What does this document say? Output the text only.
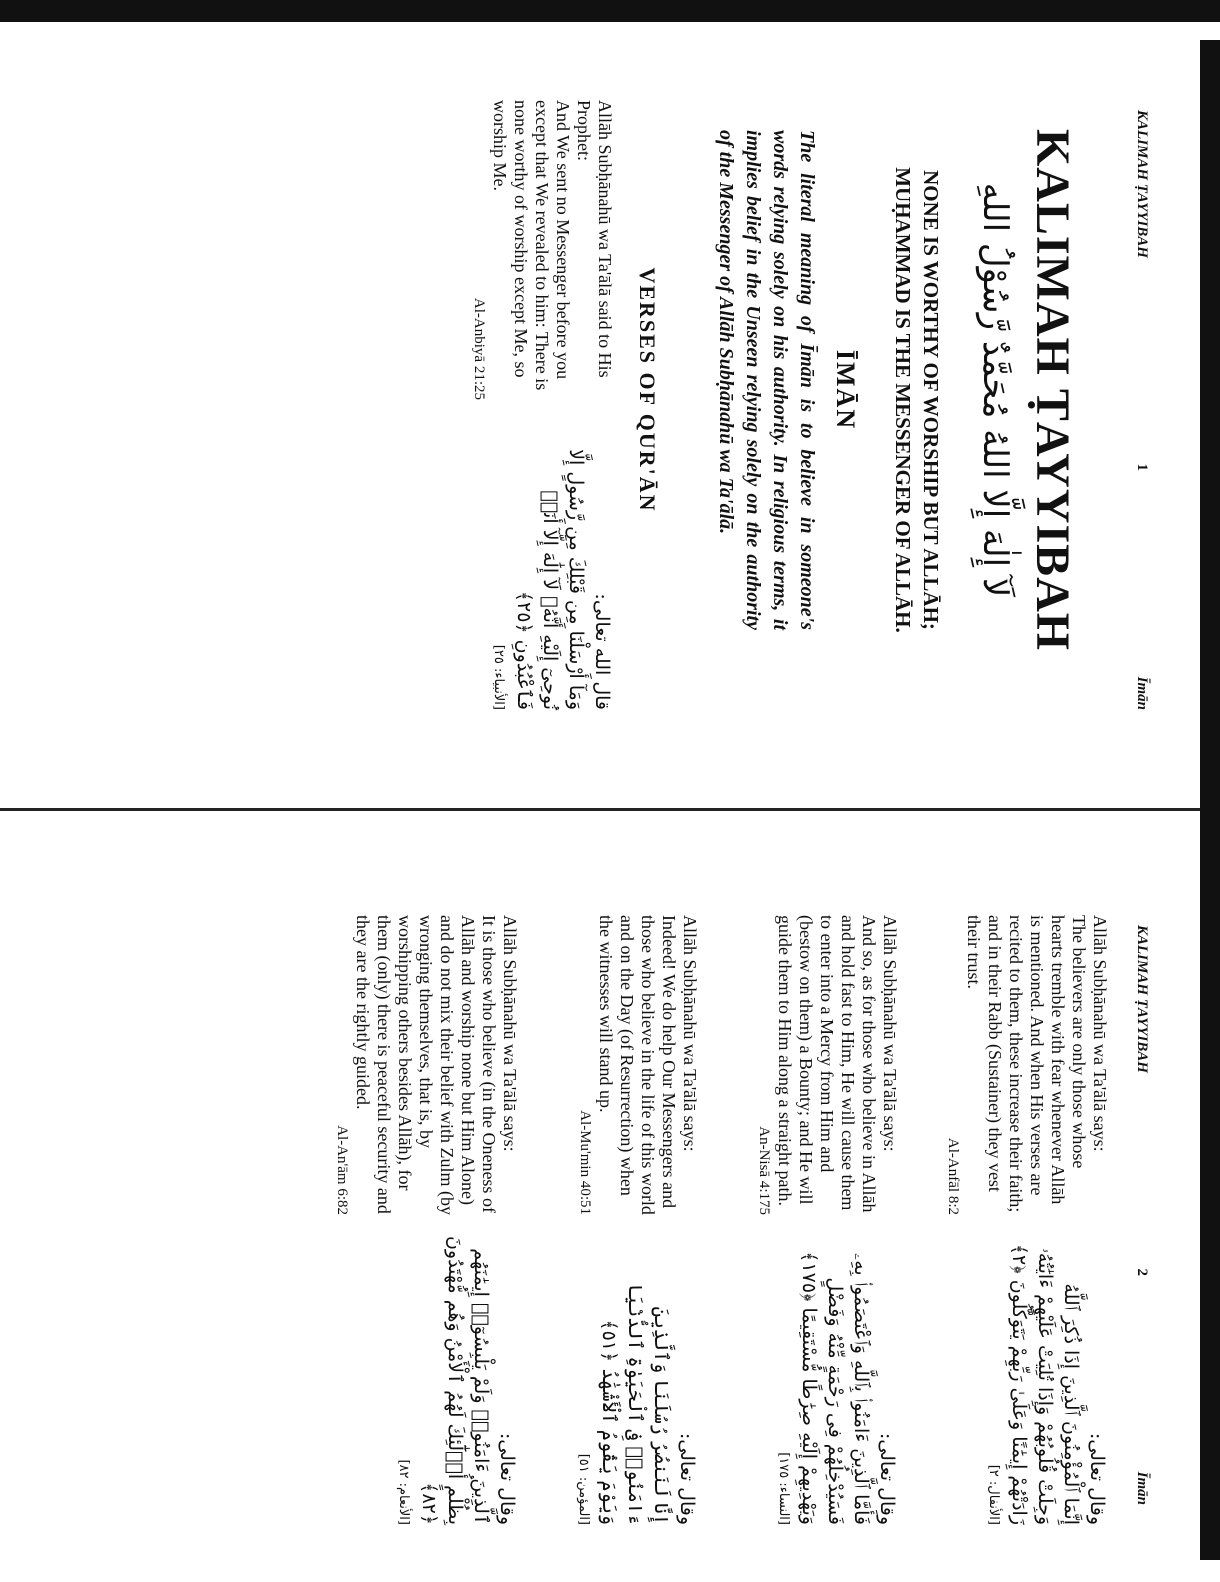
KALIMAH ṬAYYIBAH
1
Īmān
KALIMAH ṬAYYIBAH
لَآ إِلٰهَ إِلَّا اللهُ مُحَمَّدٌ رَّسُوْلُ اللهِ
NONE IS WORTHY OF WORSHIP BUT ALLĀH;
MUḤAMMAD IS THE MESSENGER OF ALLĀH.
ĪMĀN
The literal meaning of Īmān is to believe in someone's words relying solely on his authority. In religious terms, it implies belief in the Unseen relying solely on the authority of the Messenger of Allāh Subḥānahū wa Ta'ālā.
VERSES OF QUR'ĀN
Allāh Subḥānahū wa Ta'ālā said to His Prophet:
And We sent no Messenger before you except that We revealed to him: There is none worthy of worship except Me, so worship Me.
Al-Anbiyā 21:25
قال الله تعالى:
وَمَآ أَرْسَلْنَا مِن قَبْلِكَ مِن رَّسُولٍ إِلَّا نُوحِىٓ إِلَيْهِ أَنَّهُۥ لَآ إِلَٰهَ إِلَّآ أَنَا۠ فَٱعْبُدُونِ ﴿٢٥﴾
[الأنبياء: ٢٥]
KALIMAH ṬAYYIBAH
2
Īmān
Allāh Subḥānahū wa Ta'ālā says:
The believers are only those whose hearts tremble with fear whenever Allāh is mentioned. And when His verses are recited to them, these increase their faith; and in their Rabb (Sustainer) they vest their trust.
Al-Anfāl 8:2
وقال تعالى:
إِنَّمَا ٱلْمُؤْمِنُونَ ٱلَّذِينَ إِذَا ذُكِرَ ٱللَّهُ وَجِلَتْ قُلُوبُهُمْ وَإِذَا تُلِيَتْ عَلَيْهِمْ ءَايَٰتُهُۥ زَادَتْهُمْ إِيمَٰنًا وَعَلَىٰ رَبِّهِمْ يَتَوَكَّلُونَ ﴿٢﴾
[الأنفال: ٢]
Allāh Subḥānahū wa Ta'ālā says:
And so, as for those who believe in Allāh and hold fast to Him, He will cause them to enter into a Mercy from Him and (bestow on them) a Bounty; and He will guide them to Him along a straight path.
An-Nisā 4:175
وقال تعالى:
فَأَمَّا ٱلَّذِينَ ءَامَنُوا۟ بِٱللَّهِ وَٱعْتَصَمُوا۟ بِهِۦ فَسَيُدْخِلُهُمْ فِى رَحْمَةٍ مِّنْهُ وَفَضْلٍ وَيَهْدِيهِمْ إِلَيْهِ صِرَٰطًا مُّسْتَقِيمًا ﴿١٧٥﴾
[النساء: ١٧٥]
Allāh Subḥānahū wa Ta'ālā says:
Indeed! We do help Our Messengers and those who believe in the life of this world and on the Day (of Resurrection) when the witnesses will stand up.
Al-Mu'min 40:51
وقال تعالى:
إِنَّا لَنَنصُرُ رُسُلَنَا وَٱلَّذِينَ ءَامَنُوا۟ فِى ٱلْحَيَوٰةِ ٱلدُّنْيَا وَيَوْمَ يَقُومُ ٱلْأَشْهَٰدُ ﴿٥١﴾
[المؤمن: ٥١]
Allāh Subḥānahū wa Ta'ālā says:
It is those who believe (in the Oneness of Allāh and worship none but Him Alone) and do not mix their belief with Zulm (by wronging themselves, that is, by worshipping others besides Allāh), for them (only) there is peaceful security and they are the rightly guided.
Al-An'ām 6:82
وقال تعالى:
ٱلَّذِينَ ءَامَنُوا۟ وَلَمْ يَلْبِسُوٓا۟ إِيمَٰنَهُم بِظُلْمٍ أُو۟لَٰٓئِكَ لَهُمُ ٱلْأَمْنُ وَهُم مُّهْتَدُونَ ﴿٨٢﴾
[الأنعام: ٨٢]
